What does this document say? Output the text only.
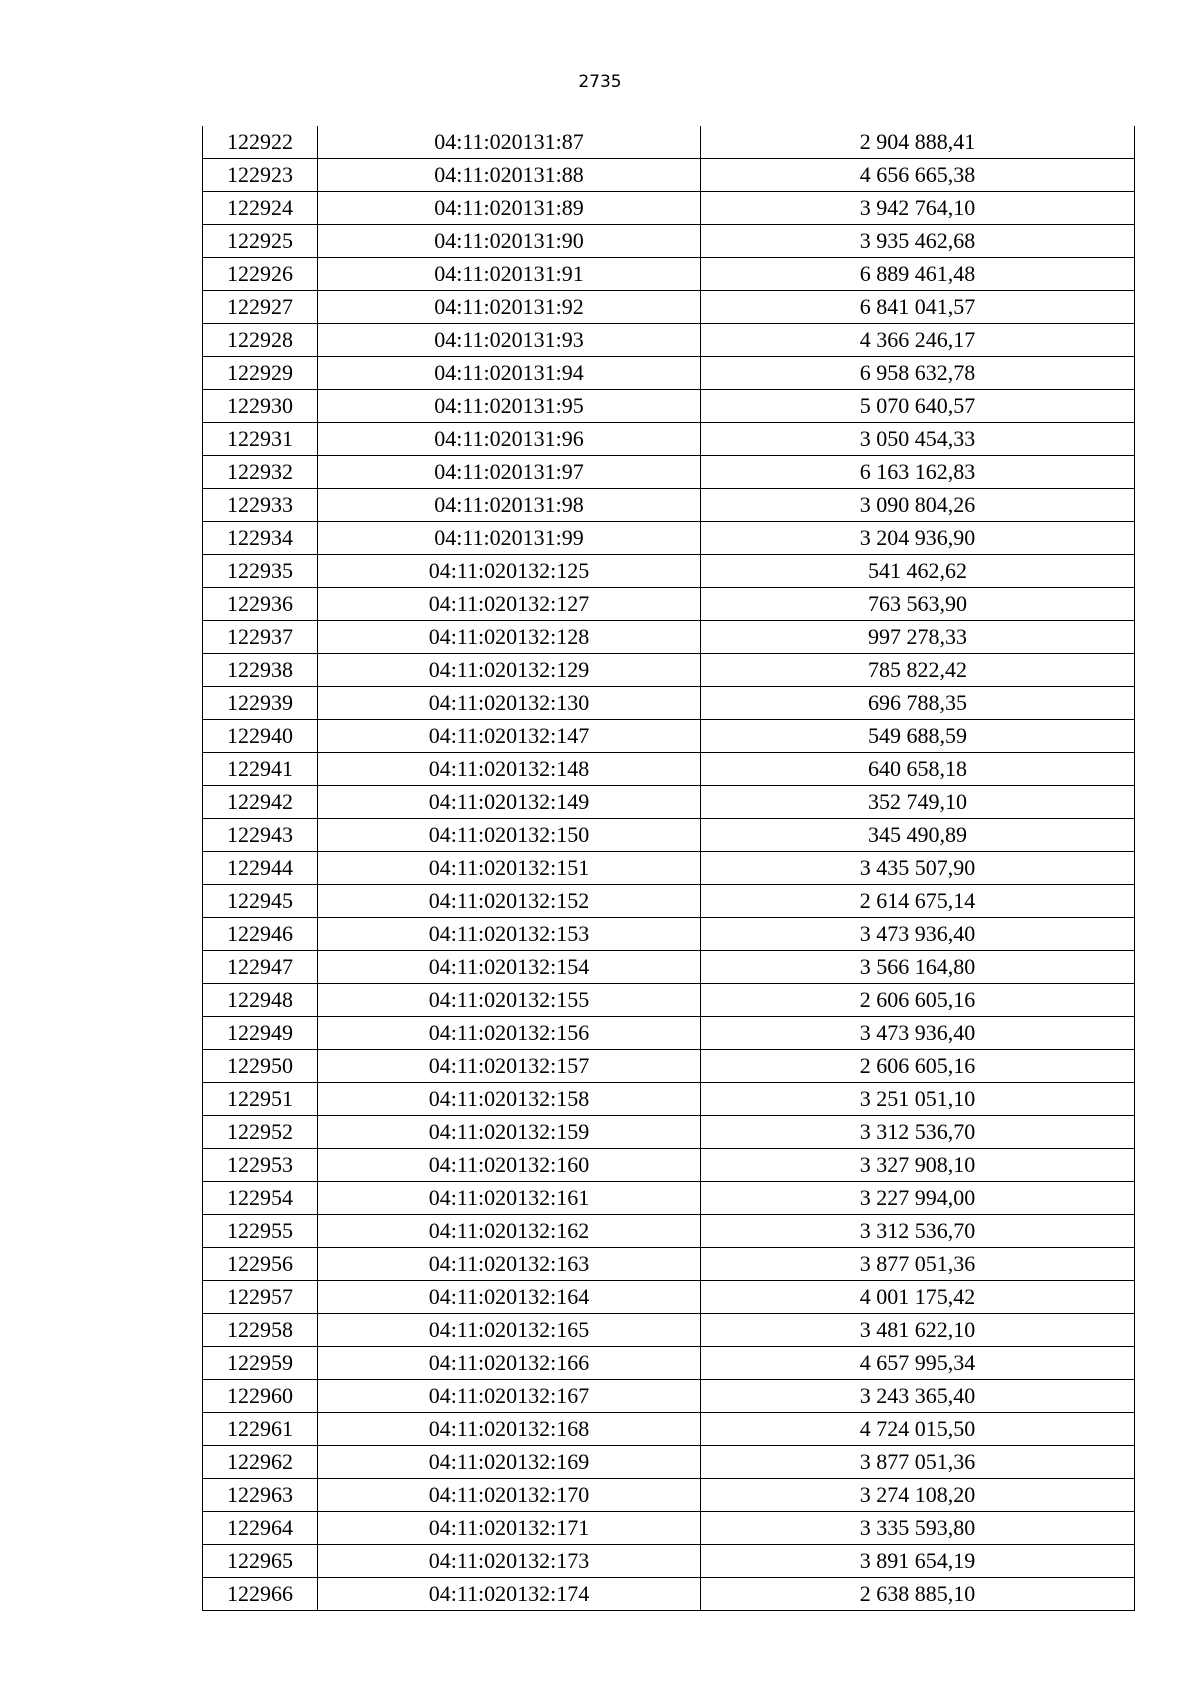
2735
122922	04:11:020131:87	2 904 888,41
122923	04:11:020131:88	4 656 665,38
122924	04:11:020131:89	3 942 764,10
122925	04:11:020131:90	3 935 462,68
122926	04:11:020131:91	6 889 461,48
122927	04:11:020131:92	6 841 041,57
122928	04:11:020131:93	4 366 246,17
122929	04:11:020131:94	6 958 632,78
122930	04:11:020131:95	5 070 640,57
122931	04:11:020131:96	3 050 454,33
122932	04:11:020131:97	6 163 162,83
122933	04:11:020131:98	3 090 804,26
122934	04:11:020131:99	3 204 936,90
122935	04:11:020132:125	541 462,62
122936	04:11:020132:127	763 563,90
122937	04:11:020132:128	997 278,33
122938	04:11:020132:129	785 822,42
122939	04:11:020132:130	696 788,35
122940	04:11:020132:147	549 688,59
122941	04:11:020132:148	640 658,18
122942	04:11:020132:149	352 749,10
122943	04:11:020132:150	345 490,89
122944	04:11:020132:151	3 435 507,90
122945	04:11:020132:152	2 614 675,14
122946	04:11:020132:153	3 473 936,40
122947	04:11:020132:154	3 566 164,80
122948	04:11:020132:155	2 606 605,16
122949	04:11:020132:156	3 473 936,40
122950	04:11:020132:157	2 606 605,16
122951	04:11:020132:158	3 251 051,10
122952	04:11:020132:159	3 312 536,70
122953	04:11:020132:160	3 327 908,10
122954	04:11:020132:161	3 227 994,00
122955	04:11:020132:162	3 312 536,70
122956	04:11:020132:163	3 877 051,36
122957	04:11:020132:164	4 001 175,42
122958	04:11:020132:165	3 481 622,10
122959	04:11:020132:166	4 657 995,34
122960	04:11:020132:167	3 243 365,40
122961	04:11:020132:168	4 724 015,50
122962	04:11:020132:169	3 877 051,36
122963	04:11:020132:170	3 274 108,20
122964	04:11:020132:171	3 335 593,80
122965	04:11:020132:173	3 891 654,19
122966	04:11:020132:174	2 638 885,10
